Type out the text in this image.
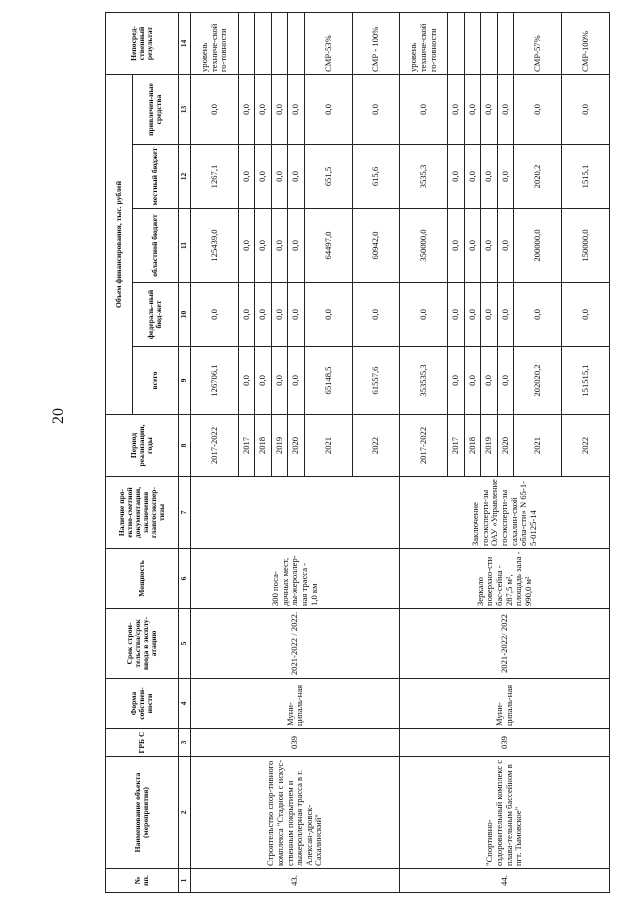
20
№ пп.	Наименование объекта (мероприятия)	ГРБ С	Форма собствен-ности	Срок строи-тельства/срок ввода в эксплу-атацию	Мощность	Наличие про-ектно-сметной документации, заключения главгосэкспер-тизы	Период реализации, годы	Объем финансирования, тыс. рублей					Непосред-ственный результат
								всего	федераль-ный бюд-жет	областной бюджет	местный бюджет	привлечен-ные средства	
1	2	3	4	5	6	7	8	9	10	11	12	13	14
43.	Строительство спор-тивного комплекса "Стадион с искус-ственным покрытием и лыжероллерная трасса в г. Алексан-дровск-Сахалинский"	039	Муни-ципаль-ная	2021-2022 / 2022.	300 поса-дочных мест, лы-жероллер-ная трасса - 1,0 км		2017-2022	126706,1	0,0	125439,0	1267,1	0,0	уровень техниче-ской го-товности
							2017	0,0	0,0	0,0	0,0	0,0	
							2018	0,0	0,0	0,0	0,0	0,0	
							2019	0,0	0,0	0,0	0,0	0,0	
							2020	0,0	0,0	0,0	0,0	0,0	
							2021	65148,5	0,0	64497,0	651,5	0,0	СМР-53%
							2022	61557,6	0,0	60942,0	615,6	0,0	СМР - 100%
44.	"Спортивно-оздоровительный комплекс с плава-тельным бассейном в пгт. Тымовское"	039	Муни-ципаль-ная	2021-2022/ 2022	Зеркало поверхно-сти бас-сейна - 287,5 м², площадь зала - 990,0 м²	Заключение госэксперти-зы ОАУ «Управление госэксперти-зы сахалин-ской обла-сти» N 65-1-5-0125-14	2017-2022	353535,3	0,0	350000,0	3535,3	0,0	уровень техниче-ской го-товности
							2017	0,0	0,0	0,0	0,0	0,0	
							2018	0,0	0,0	0,0	0,0	0,0	
							2019	0,0	0,0	0,0	0,0	0,0	
							2020	0,0	0,0	0,0	0,0	0,0	
							2021	202020,2	0,0	200000,0	2020,2	0,0	СМР-57%
							2022	151515,1	0,0	150000,0	1515,1	0,0	СМР-100%
